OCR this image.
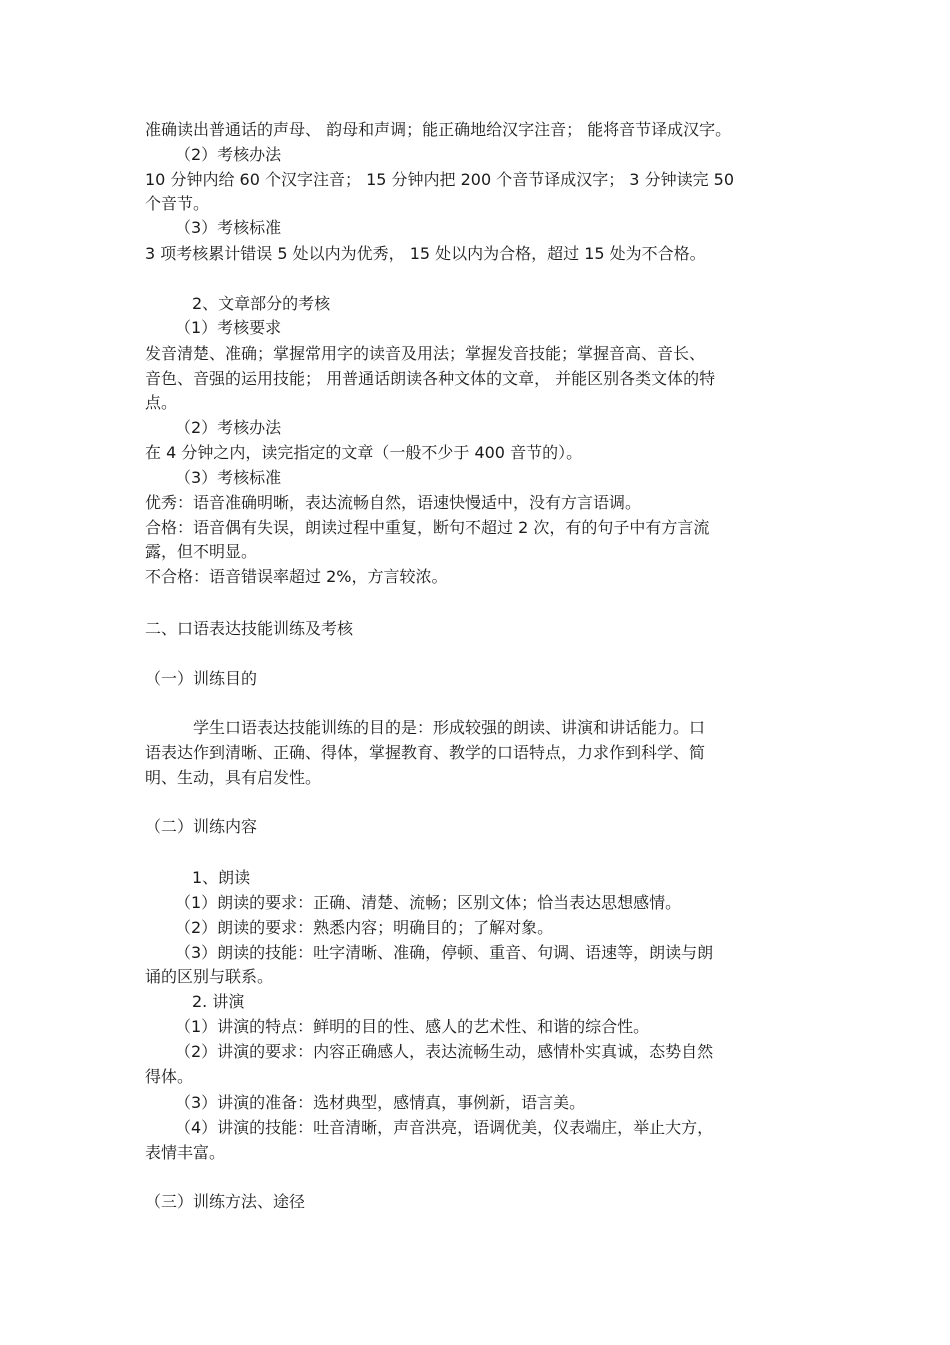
准确读出普通话的声母、 韵母和声调；能正确地给汉字注音； 能将音节译成汉字。
（2）考核办法
10 分钟内给 60 个汉字注音； 15 分钟内把 200 个音节译成汉字； 3 分钟读完 50
个音节。
（3）考核标准
3 项考核累计错误 5 处以内为优秀， 15 处以内为合格，超过 15 处为不合格。
2、文章部分的考核
（1）考核要求
发音清楚、准确；掌握常用字的读音及用法；掌握发音技能；掌握音高、音长、
音色、音强的运用技能； 用普通话朗读各种文体的文章， 并能区别各类文体的特
点。
（2）考核办法
在 4 分钟之内，读完指定的文章（一般不少于 400 音节的）。
（3）考核标准
优秀：语音准确明晰，表达流畅自然，语速快慢适中，没有方言语调。
合格：语音偶有失误，朗读过程中重复，断句不超过 2 次，有的句子中有方言流
露，但不明显。
不合格：语音错误率超过 2%，方言较浓。
二、口语表达技能训练及考核
（一）训练目的
学生口语表达技能训练的目的是：形成较强的朗读、讲演和讲话能力。口
语表达作到清晰、正确、得体，掌握教育、教学的口语特点，力求作到科学、简
明、生动，具有启发性。
（二）训练内容
1、朗读
（1）朗读的要求：正确、清楚、流畅；区别文体；恰当表达思想感情。
（2）朗读的要求：熟悉内容；明确目的；了解对象。
（3）朗读的技能：吐字清晰、准确，停顿、重音、句调、语速等，朗读与朗
诵的区别与联系。
2. 讲演
（1）讲演的特点：鲜明的目的性、感人的艺术性、和谐的综合性。
（2）讲演的要求：内容正确感人，表达流畅生动，感情朴实真诚，态势自然
得体。
（3）讲演的准备：选材典型，感情真，事例新，语言美。
（4）讲演的技能：吐音清晰，声音洪亮，语调优美，仪表端庄，举止大方，
表情丰富。
（三）训练方法、途径
